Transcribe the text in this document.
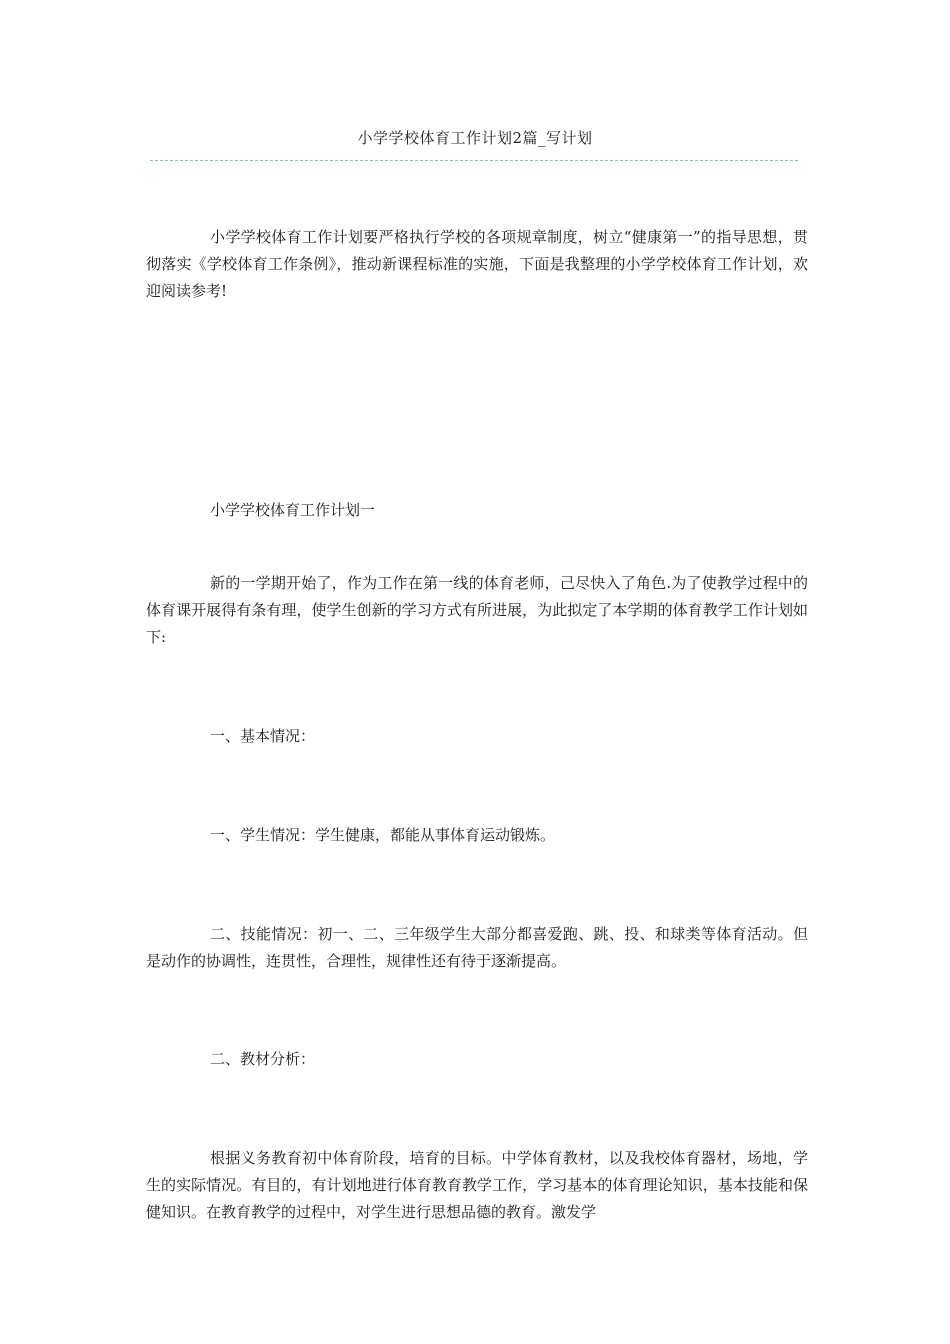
小学学校体育工作计划2篇_写计划

小学学校体育工作计划要严格执行学校的各项规章制度，树立“健康第一”的指导思想，贯彻落实《学校体育工作条例》，推动新课程标准的实施，下面是我整理的小学学校体育工作计划，欢迎阅读参考!

小学学校体育工作计划一

新的一学期开始了，作为工作在第一线的体育老师，己尽快入了角色.为了使教学过程中的体育课开展得有条有理，使学生创新的学习方式有所进展，为此拟定了本学期的体育教学工作计划如下:

一、基本情况：

一、学生情况：学生健康，都能从事体育运动锻炼。

二、技能情况：初一、二、三年级学生大部分都喜爱跑、跳、投、和球类等体育活动。但是动作的协调性，连贯性，合理性，规律性还有待于逐渐提高。

二、教材分析：

根据义务教育初中体育阶段，培育的目标。中学体育教材，以及我校体育器材，场地，学生的实际情况。有目的，有计划地进行体育教育教学工作，学习基本的体育理论知识，基本技能和保健知识。在教育教学的过程中，对学生进行思想品德的教育。激发学
